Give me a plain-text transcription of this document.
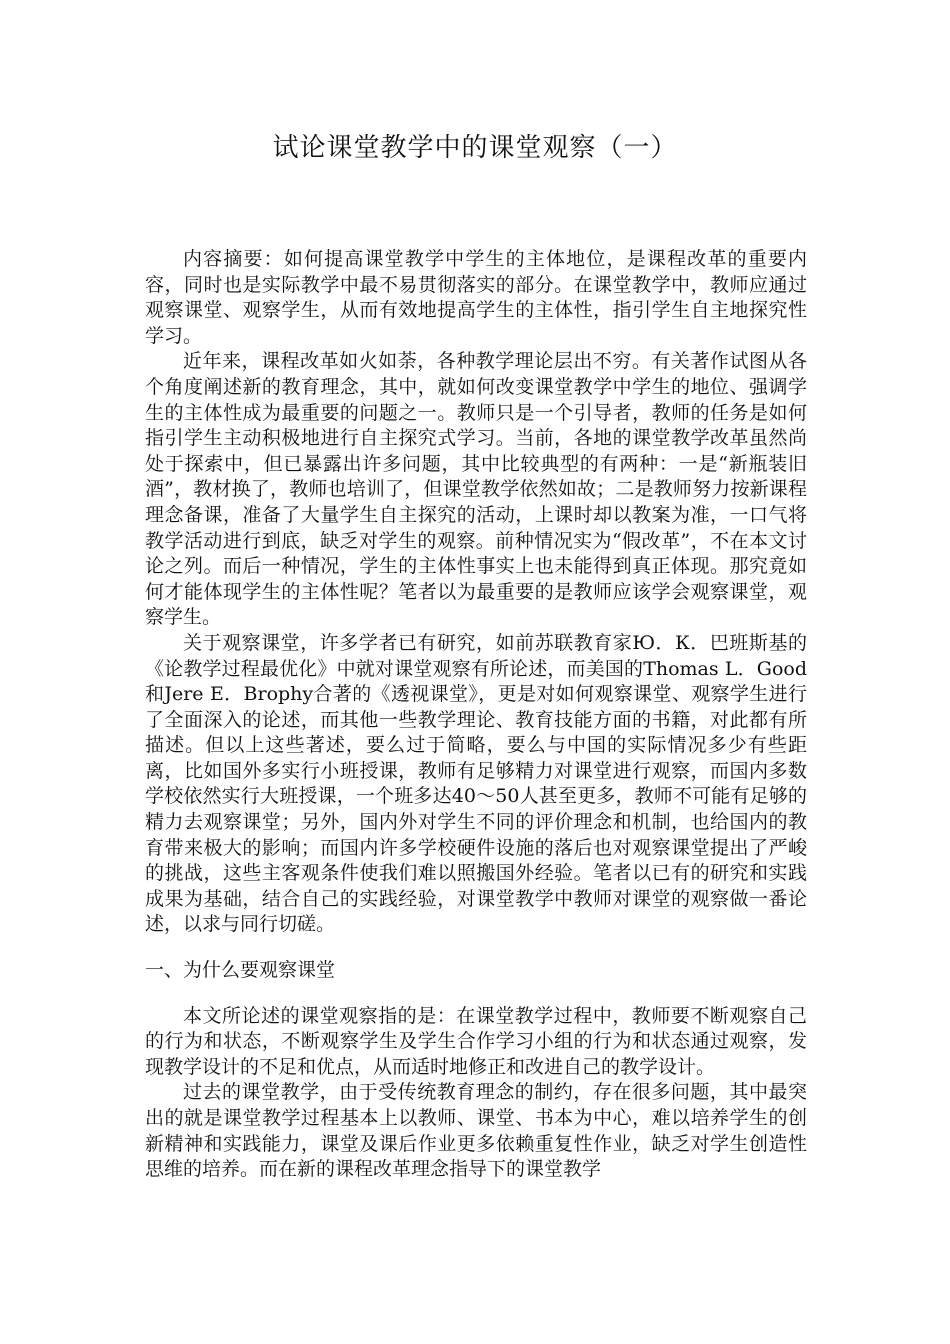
试论课堂教学中的课堂观察（一）

内容摘要：如何提高课堂教学中学生的主体地位，是课程改革的重要内容，同时也是实际教学中最不易贯彻落实的部分。在课堂教学中，教师应通过观察课堂、观察学生，从而有效地提高学生的主体性，指引学生自主地探究性学习。

近年来，课程改革如火如荼，各种教学理论层出不穷。有关著作试图从各个角度阐述新的教育理念，其中，就如何改变课堂教学中学生的地位、强调学生的主体性成为最重要的问题之一。教师只是一个引导者，教师的任务是如何指引学生主动积极地进行自主探究式学习。当前，各地的课堂教学改革虽然尚处于探索中，但已暴露出许多问题，其中比较典型的有两种：一是“新瓶装旧酒”，教材换了，教师也培训了，但课堂教学依然如故；二是教师努力按新课程理念备课，准备了大量学生自主探究的活动，上课时却以教案为准，一口气将教学活动进行到底，缺乏对学生的观察。前种情况实为“假改革”，不在本文讨论之列。而后一种情况，学生的主体性事实上也未能得到真正体现。那究竟如何才能体现学生的主体性呢？笔者以为最重要的是教师应该学会观察课堂，观察学生。

关于观察课堂，许多学者已有研究，如前苏联教育家Ю．К．巴班斯基的《论教学过程最优化》中就对课堂观察有所论述，而美国的Thomas L．Good和Jere E．Brophy合著的《透视课堂》，更是对如何观察课堂、观察学生进行了全面深入的论述，而其他一些教学理论、教育技能方面的书籍，对此都有所描述。但以上这些著述，要么过于简略，要么与中国的实际情况多少有些距离，比如国外多实行小班授课，教师有足够精力对课堂进行观察，而国内多数学校依然实行大班授课，一个班多达40～50人甚至更多，教师不可能有足够的精力去观察课堂；另外，国内外对学生不同的评价理念和机制，也给国内的教育带来极大的影响；而国内许多学校硬件设施的落后也对观察课堂提出了严峻的挑战，这些主客观条件使我们难以照搬国外经验。笔者以已有的研究和实践成果为基础，结合自己的实践经验，对课堂教学中教师对课堂的观察做一番论述，以求与同行切磋。

一、为什么要观察课堂

本文所论述的课堂观察指的是：在课堂教学过程中，教师要不断观察自己的行为和状态，不断观察学生及学生合作学习小组的行为和状态通过观察，发现教学设计的不足和优点，从而适时地修正和改进自己的教学设计。

过去的课堂教学，由于受传统教育理念的制约，存在很多问题，其中最突出的就是课堂教学过程基本上以教师、课堂、书本为中心，难以培养学生的创新精神和实践能力，课堂及课后作业更多依赖重复性作业，缺乏对学生创造性思维的培养。而在新的课程改革理念指导下的课堂教学
